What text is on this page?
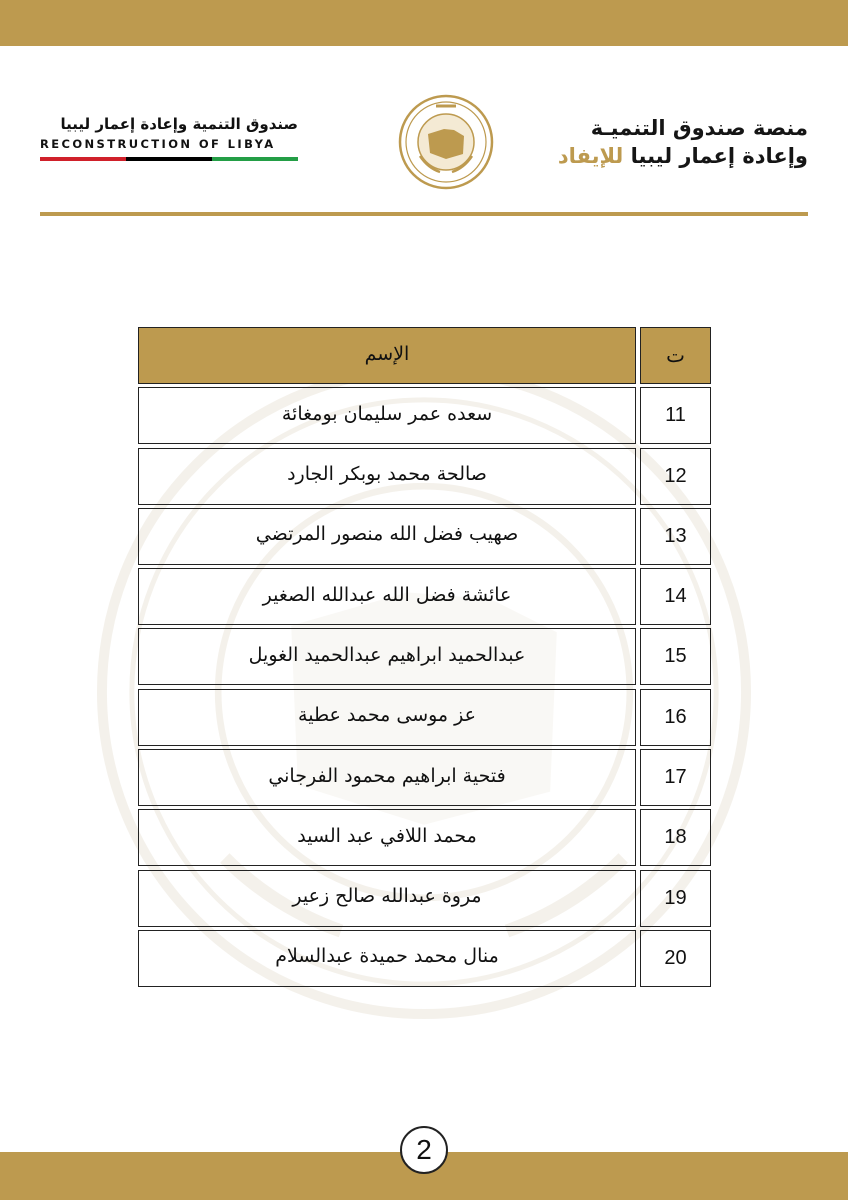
صندوق التنمية وإعادة إعمار ليبيا
RECONSTRUCTION OF LIBYA
منصة صندوق التنميـة
وإعادة إعمار ليبيا للإيفاد
الإسم	ت
سعده عمر سليمان بومغائة	11
صالحة محمد بوبكر الجارد	12
صهيب فضل الله منصور المرتضي	13
عائشة فضل الله عبدالله الصغير	14
عبدالحميد ابراهيم عبدالحميد الغويل	15
عز موسى محمد عطية	16
فتحية ابراهيم محمود الفرجاني	17
محمد اللافي عبد السيد	18
مروة عبدالله صالح زعير	19
منال محمد حميدة عبدالسلام	20
2
